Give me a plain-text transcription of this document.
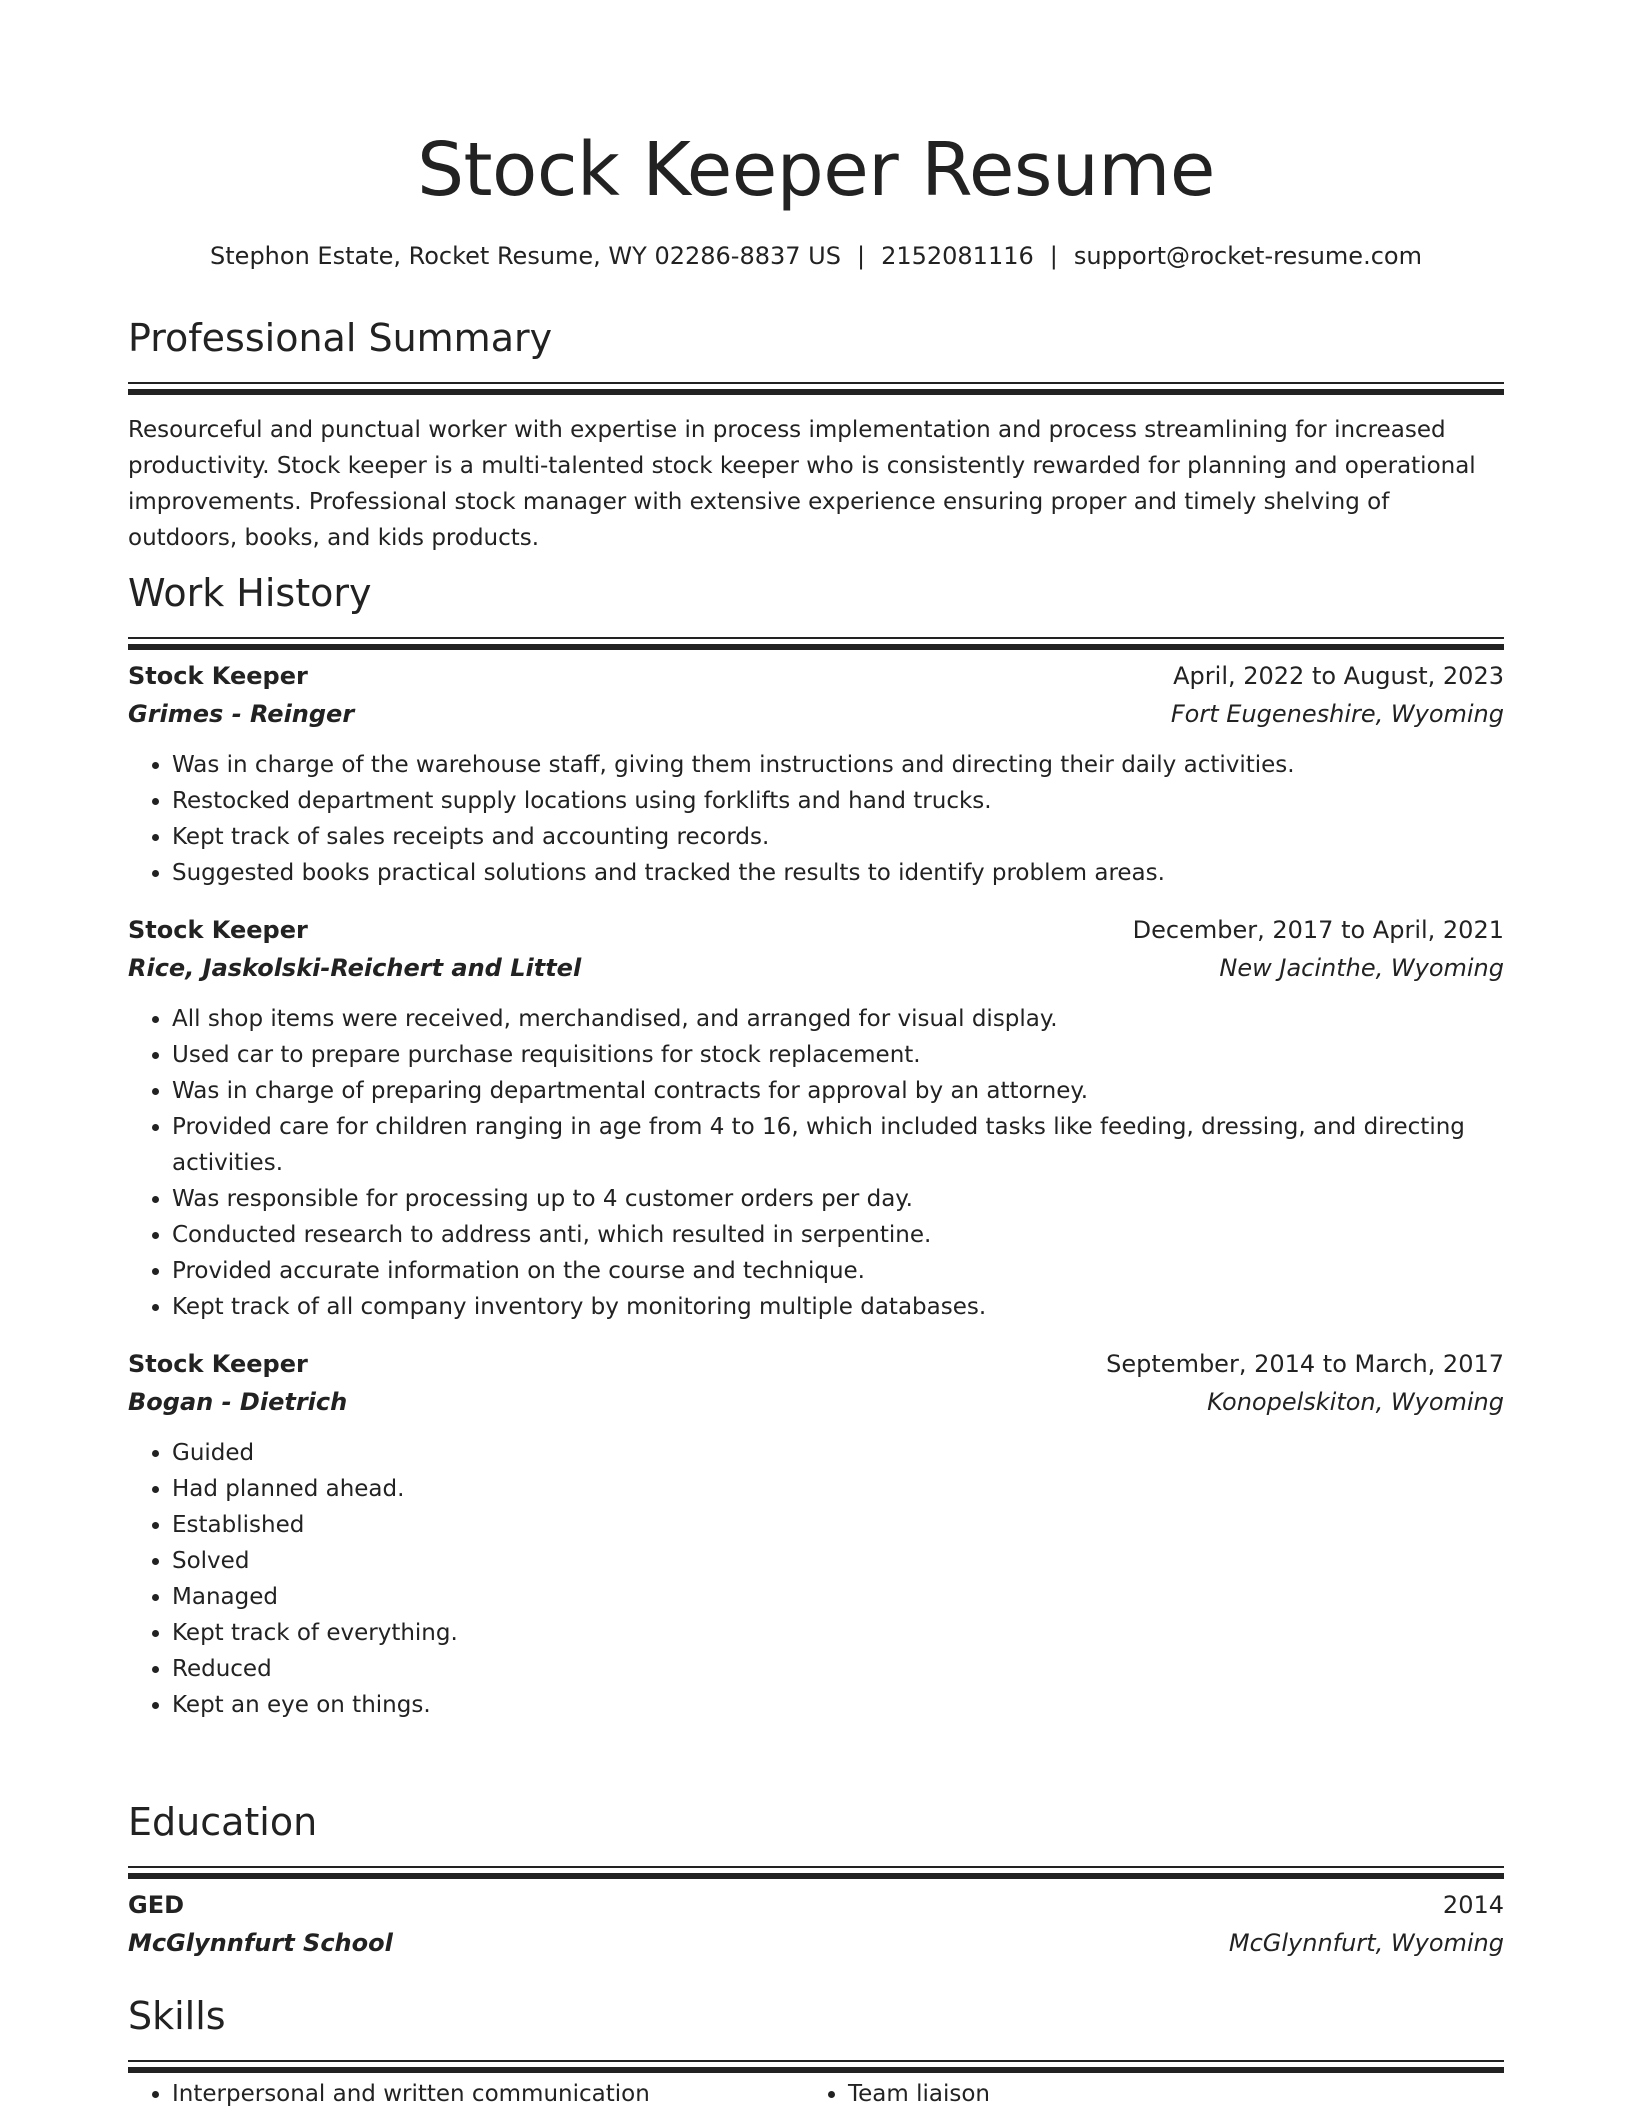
Stock Keeper Resume
Stephon Estate, Rocket Resume, WY 02286-8837 US | 2152081116 | support@rocket-resume.com
Professional Summary

Resourceful and punctual worker with expertise in process implementation and process streamlining for increased productivity. Stock keeper is a multi-talented stock keeper who is consistently rewarded for planning and operational improvements. Professional stock manager with extensive experience ensuring proper and timely shelving of outdoors, books, and kids products.

Work History
Stock Keeper	April, 2022 to August, 2023
Grimes - Reinger	Fort Eugeneshire, Wyoming
• Was in charge of the warehouse staff, giving them instructions and directing their daily activities.
• Restocked department supply locations using forklifts and hand trucks.
• Kept track of sales receipts and accounting records.
• Suggested books practical solutions and tracked the results to identify problem areas.
Stock Keeper	December, 2017 to April, 2021
Rice, Jaskolski-Reichert and Littel	New Jacinthe, Wyoming
• All shop items were received, merchandised, and arranged for visual display.
• Used car to prepare purchase requisitions for stock replacement.
• Was in charge of preparing departmental contracts for approval by an attorney.
• Provided care for children ranging in age from 4 to 16, which included tasks like feeding, dressing, and directing activities.
• Was responsible for processing up to 4 customer orders per day.
• Conducted research to address anti, which resulted in serpentine.
• Provided accurate information on the course and technique.
• Kept track of all company inventory by monitoring multiple databases.
Stock Keeper	September, 2014 to March, 2017
Bogan - Dietrich	Konopelskiton, Wyoming
• Guided
• Had planned ahead.
• Established
• Solved
• Managed
• Kept track of everything.
• Reduced
• Kept an eye on things.
Education
GED	2014
McGlynnfurt School	McGlynnfurt, Wyoming
Skills
• Interpersonal and written communication
•	Team liaison
